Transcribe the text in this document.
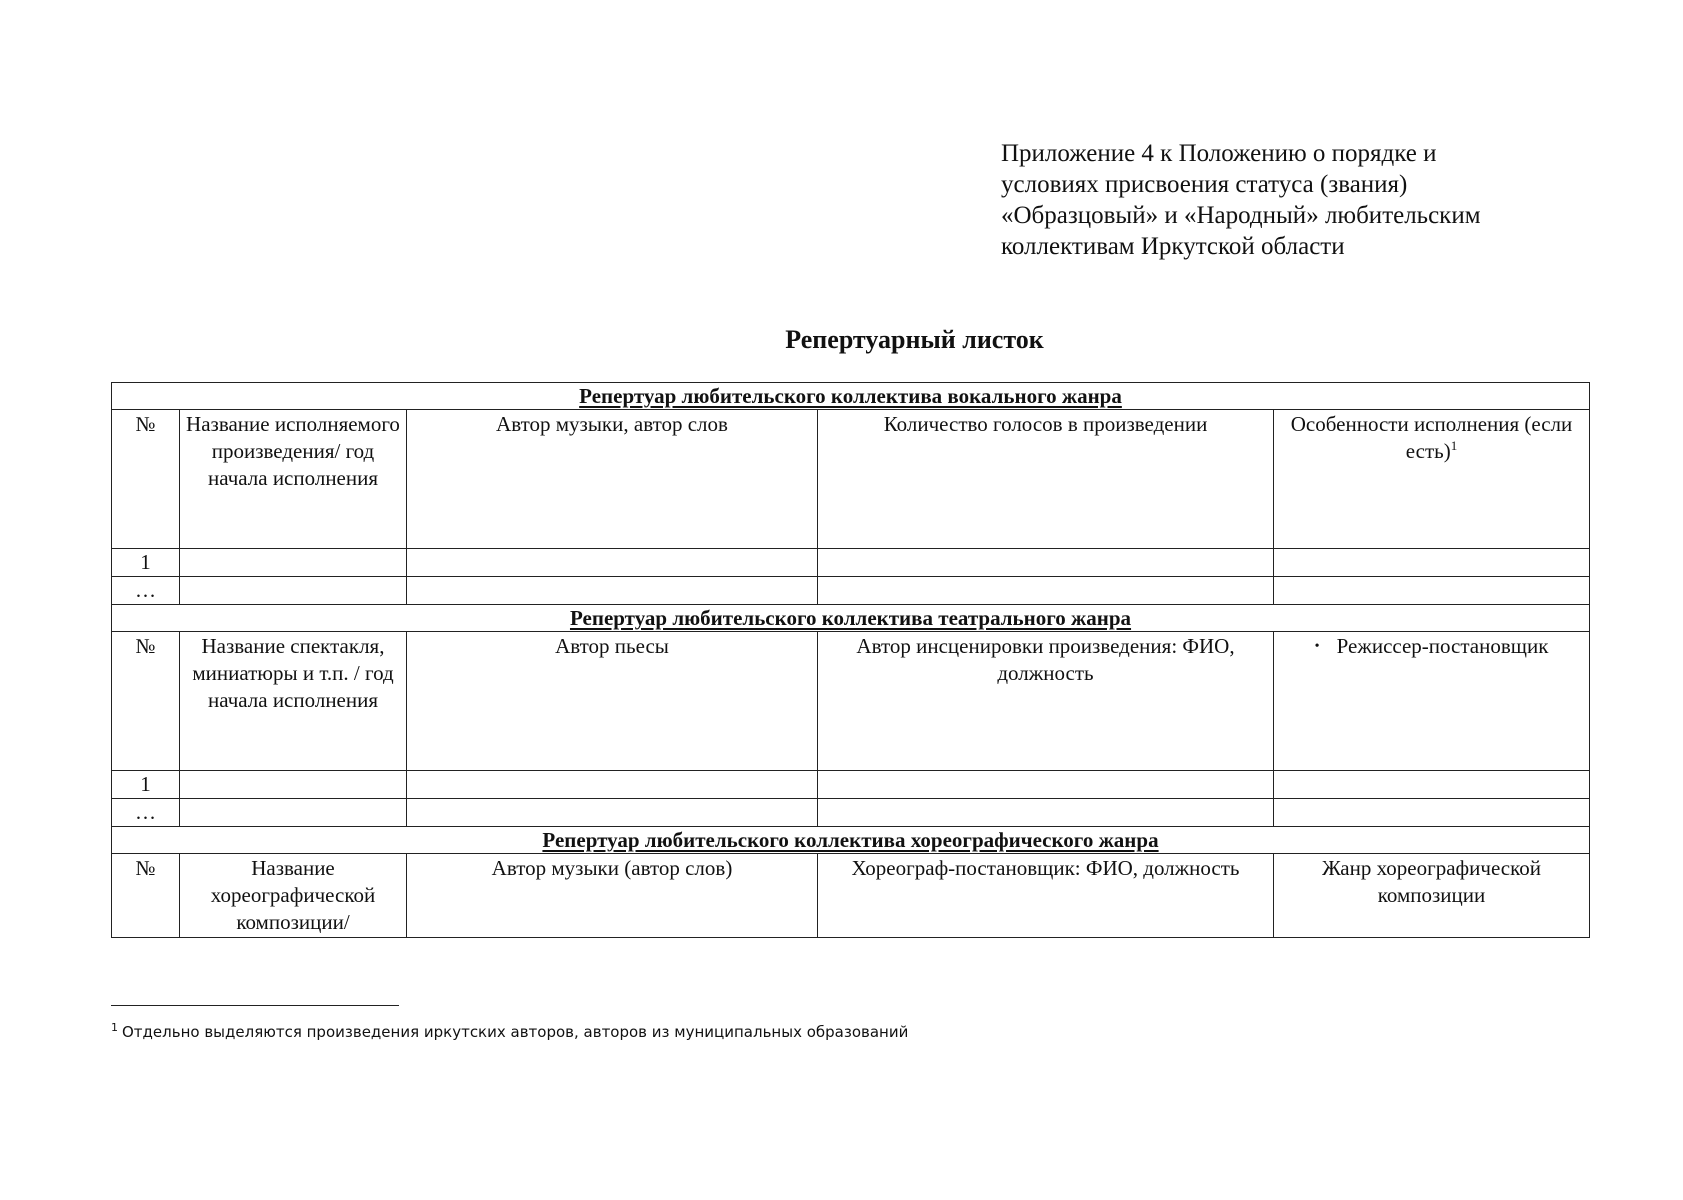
Приложение 4 к Положению о порядке и
условиях присвоения статуса (звания)
«Образцовый» и «Народный» любительским
коллективам Иркутской области
Репертуарный листок
Репертуар любительского коллектива вокального жанра				
№	Название исполняемого произведения/ год начала исполнения	Автор музыки, автор слов	Количество голосов в произведении	Особенности исполнения (если есть)$^1$
1				
…				
Репертуар любительского коллектива театрального жанра				
№	Название спектакля, миниатюры и т.п. / год начала исполнения	Автор пьесы	Автор инсценировки произведения: ФИО, должность	• Режиссер-постановщик
1				
…				
Репертуар любительского коллектива хореографического жанра				
№	Название хореографической композиции/	Автор музыки (автор слов)	Хореограф-постановщик: ФИО, должность	Жанр хореографической композиции
$^1$ Отдельно выделяются произведения иркутских авторов, авторов из муниципальных образований
